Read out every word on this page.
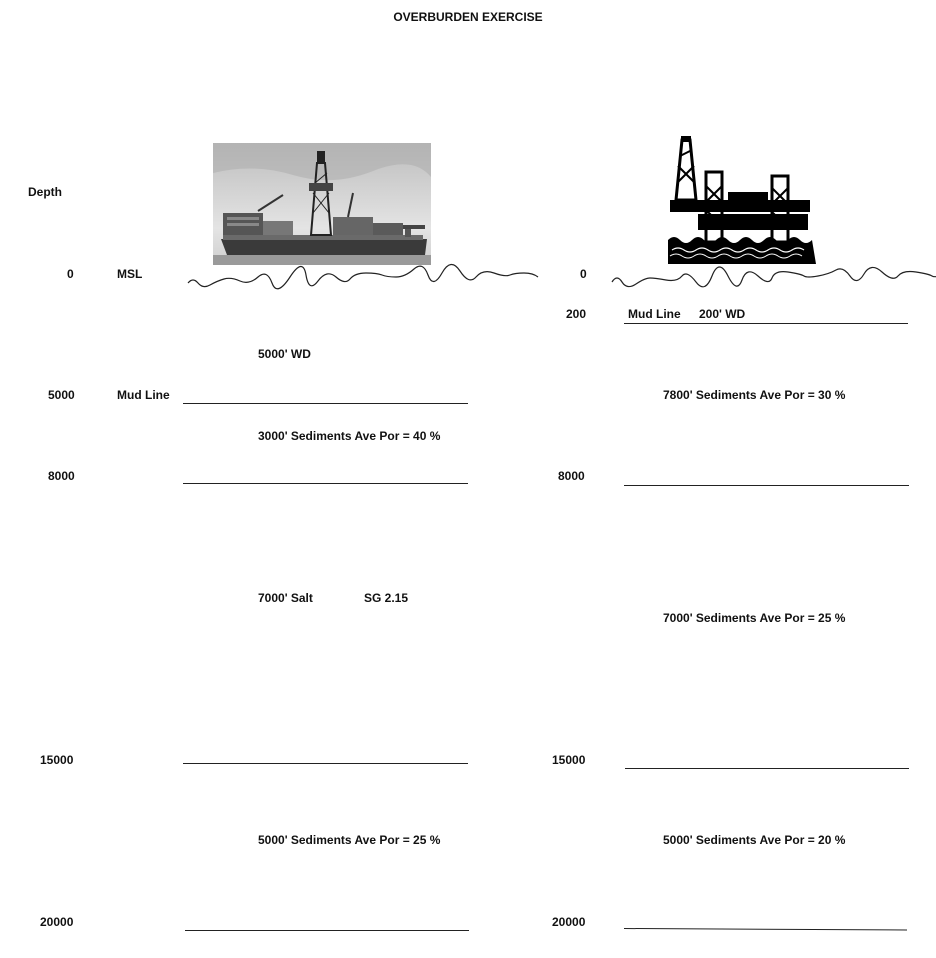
OVERBURDEN EXERCISE
Depth
0
5000
8000
15000
20000
MSL
Mud Line
5000' WD
3000' Sediments Ave Por = 40 %
7000' Salt	SG 2.15
5000' Sediments Ave Por = 25 %
0
200
8000
15000
20000
Mud Line 200' WD
7800' Sediments Ave Por = 30 %
7000' Sediments Ave Por = 25 %
5000' Sediments Ave Por = 20 %
